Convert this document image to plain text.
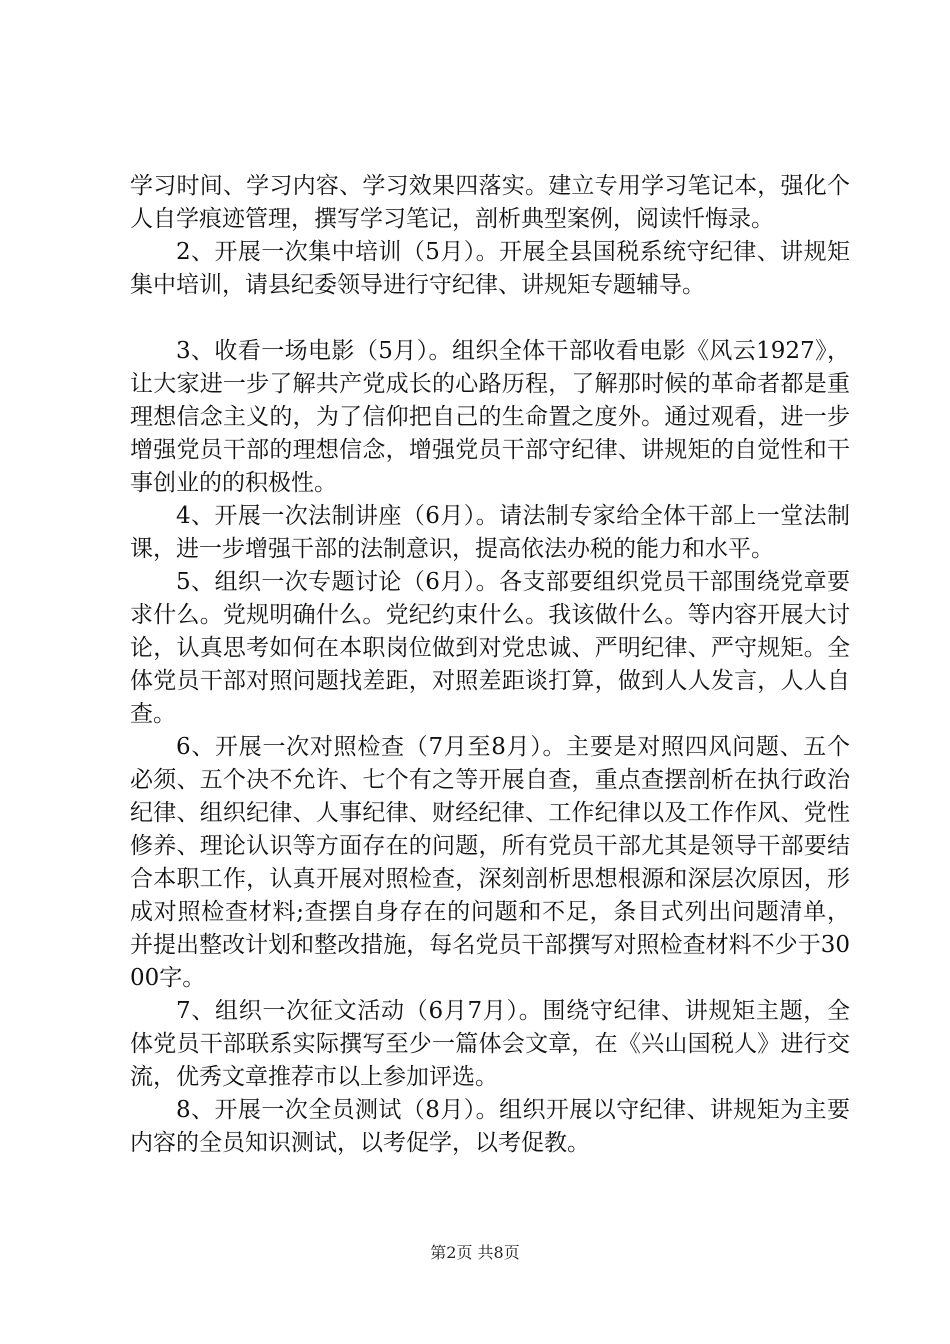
学习时间、学习内容、学习效果四落实。建立专用学习笔记本，强化个人自学痕迹管理，撰写学习笔记，剖析典型案例，阅读忏悔录。

2、开展一次集中培训（5月）。开展全县国税系统守纪律、讲规矩集中培训，请县纪委领导进行守纪律、讲规矩专题辅导。

3、收看一场电影（5月）。组织全体干部收看电影《风云1927》，让大家进一步了解共产党成长的心路历程，了解那时候的革命者都是重理想信念主义的，为了信仰把自己的生命置之度外。通过观看，进一步增强党员干部的理想信念，增强党员干部守纪律、讲规矩的自觉性和干事创业的的积极性。

4、开展一次法制讲座（6月）。请法制专家给全体干部上一堂法制课，进一步增强干部的法制意识，提高依法办税的能力和水平。

5、组织一次专题讨论（6月）。各支部要组织党员干部围绕党章要求什么。党规明确什么。党纪约束什么。我该做什么。等内容开展大讨论，认真思考如何在本职岗位做到对党忠诚、严明纪律、严守规矩。全体党员干部对照问题找差距，对照差距谈打算，做到人人发言，人人自查。

6、开展一次对照检查（7月至8月）。主要是对照四风问题、五个必须、五个决不允许、七个有之等开展自查，重点查摆剖析在执行政治纪律、组织纪律、人事纪律、财经纪律、工作纪律以及工作作风、党性修养、理论认识等方面存在的问题，所有党员干部尤其是领导干部要结合本职工作，认真开展对照检查，深刻剖析思想根源和深层次原因，形成对照检查材料;查摆自身存在的问题和不足，条目式列出问题清单，并提出整改计划和整改措施，每名党员干部撰写对照检查材料不少于3000字。

7、组织一次征文活动（6月7月）。围绕守纪律、讲规矩主题，全体党员干部联系实际撰写至少一篇体会文章，在《兴山国税人》进行交流，优秀文章推荐市以上参加评选。

8、开展一次全员测试（8月）。组织开展以守纪律、讲规矩为主要内容的全员知识测试，以考促学，以考促教。

第2页 共8页
